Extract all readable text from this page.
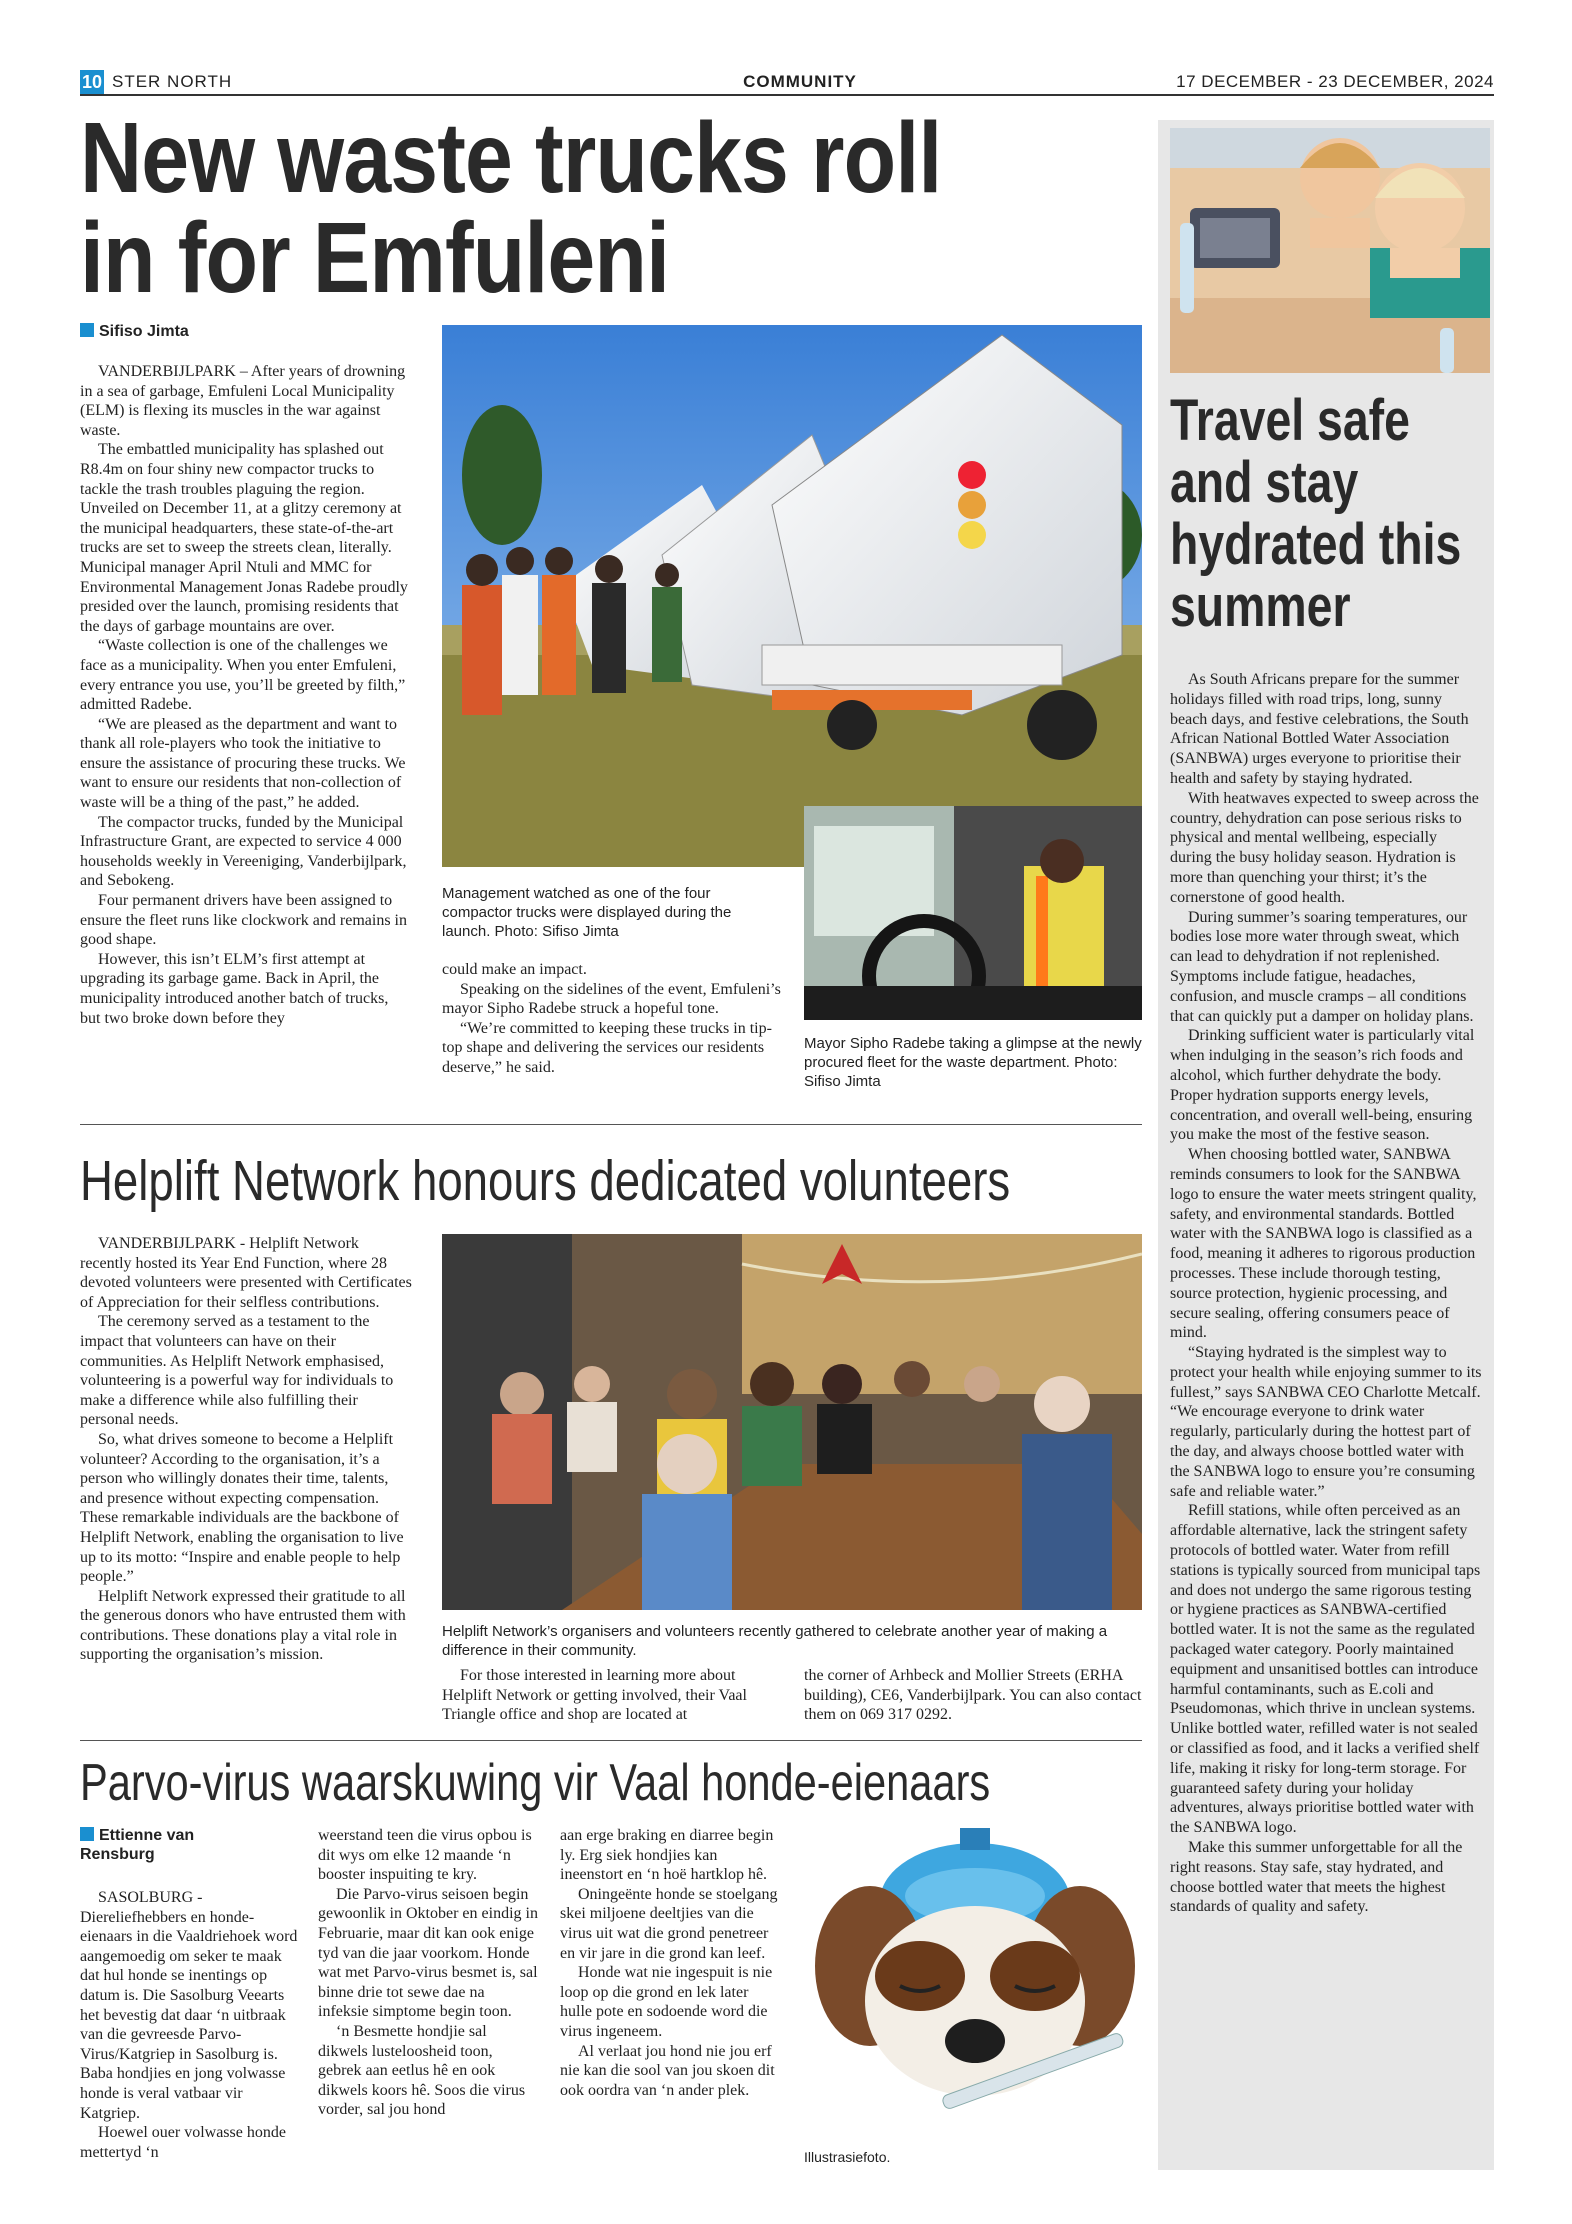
10 STER NORTH	COMMUNITY	17 DECEMBER - 23 DECEMBER, 2024
New waste trucks roll
in for Emfuleni
Sifiso Jimta

VANDERBIJLPARK – After years of drowning in a sea of garbage, Emfuleni Local Municipality (ELM) is flexing its muscles in the war against waste.

The embattled municipality has splashed out R8.4m on four shiny new compactor trucks to tackle the trash troubles plaguing the region. Unveiled on December 11, at a glitzy ceremony at the municipal headquarters, these state-of-the-art trucks are set to sweep the streets clean, literally. Municipal manager April Ntuli and MMC for Environmental Management Jonas Radebe proudly presided over the launch, promising residents that the days of garbage mountains are over.

“Waste collection is one of the challenges we face as a municipality. When you enter Emfuleni, every entrance you use, you’ll be greeted by filth,” admitted Radebe.

“We are pleased as the department and want to thank all role-players who took the initiative to ensure the assistance of procuring these trucks. We want to ensure our residents that non-collection of waste will be a thing of the past,” he added.

The compactor trucks, funded by the Municipal Infrastructure Grant, are expected to service 4 000 households weekly in Vereeniging, Vanderbijlpark, and Sebokeng.

Four permanent drivers have been assigned to ensure the fleet runs like clockwork and remains in good shape.

However, this isn’t ELM’s first attempt at upgrading its garbage game. Back in April, the municipality introduced another batch of trucks, but two broke down before they

Management watched as one of the four compactor trucks were displayed during the launch. Photo: Sifiso Jimta

could make an impact.

Speaking on the sidelines of the event, Emfuleni’s mayor Sipho Radebe struck a hopeful tone.

“We’re committed to keeping these trucks in tip-top shape and delivering the services our residents deserve,” he said.

Mayor Sipho Radebe taking a glimpse at the newly procured fleet for the waste department. Photo: Sifiso Jimta
Helplift Network honours dedicated volunteers

VANDERBIJLPARK - Helplift Network recently hosted its Year End Function, where 28 devoted volunteers were presented with Certificates of Appreciation for their selfless contributions.

The ceremony served as a testament to the impact that volunteers can have on their communities. As Helplift Network emphasised, volunteering is a powerful way for individuals to make a difference while also fulfilling their personal needs.

So, what drives someone to become a Helplift volunteer? According to the organisation, it’s a person who willingly donates their time, talents, and presence without expecting compensation. These remarkable individuals are the backbone of Helplift Network, enabling the organisation to live up to its motto: “Inspire and enable people to help people.”

Helplift Network expressed their gratitude to all the generous donors who have entrusted them with contributions. These donations play a vital role in supporting the organisation’s mission.

Helplift Network’s organisers and volunteers recently gathered to celebrate another year of making a difference in their community.

For those interested in learning more about Helplift Network or getting involved, their Vaal Triangle office and shop are located at

the corner of Arhbeck and Mollier Streets (ERHA building), CE6, Vanderbijlpark. You can also contact them on 069 317 0292.

Parvo-virus waarskuwing vir Vaal honde-eienaars
Ettienne van Rensburg

SASOLBURG - Diereliefhebbers en honde-eienaars in die Vaaldriehoek word aangemoedig om seker te maak dat hul honde se inentings op datum is. Die Sasolburg Veearts het bevestig dat daar ‘n uitbraak van die gevreesde Parvo-Virus/Katgriep in Sasolburg is. Baba hondjies en jong volwasse honde is veral vatbaar vir Katgriep.

Hoewel ouer volwasse honde mettertyd ‘n

weerstand teen die virus opbou is dit wys om elke 12 maande ‘n booster inspuiting te kry.

Die Parvo-virus seisoen begin gewoonlik in Oktober en eindig in Februarie, maar dit kan ook enige tyd van die jaar voorkom. Honde wat met Parvo-virus besmet is, sal binne drie tot sewe dae na infeksie simptome begin toon.

‘n Besmette hondjie sal dikwels lusteloosheid toon, gebrek aan eetlus hê en ook dikwels koors hê. Soos die virus vorder, sal jou hond

aan erge braking en diarree begin ly. Erg siek hondjies kan ineenstort en ‘n hoë hartklop hê.

Oningeënte honde se stoelgang skei miljoene deeltjies van die virus uit wat die grond penetreer en vir jare in die grond kan leef.

Honde wat nie ingespuit is nie loop op die grond en lek later hulle pote en sodoende word die virus ingeneem.

Al verlaat jou hond nie jou erf nie kan die sool van jou skoen dit ook oordra van ‘n ander plek.

Illustrasiefoto.
Travel safe
and stay
hydrated this
summer

As South Africans prepare for the summer holidays filled with road trips, long, sunny beach days, and festive celebrations, the South African National Bottled Water Association (SANBWA) urges everyone to prioritise their health and safety by staying hydrated.

With heatwaves expected to sweep across the country, dehydration can pose serious risks to physical and mental wellbeing, especially during the busy holiday season. Hydration is more than quenching your thirst; it’s the cornerstone of good health.

During summer’s soaring temperatures, our bodies lose more water through sweat, which can lead to dehydration if not replenished. Symptoms include fatigue, headaches, confusion, and muscle cramps – all conditions that can quickly put a damper on holiday plans.

Drinking sufficient water is particularly vital when indulging in the season’s rich foods and alcohol, which further dehydrate the body. Proper hydration supports energy levels, concentration, and overall well-being, ensuring you make the most of the festive season.

When choosing bottled water, SANBWA reminds consumers to look for the SANBWA logo to ensure the water meets stringent quality, safety, and environmental standards. Bottled water with the SANBWA logo is classified as a food, meaning it adheres to rigorous production processes. These include thorough testing, source protection, hygienic processing, and secure sealing, offering consumers peace of mind.

“Staying hydrated is the simplest way to protect your health while enjoying summer to its fullest,” says SANBWA CEO Charlotte Metcalf. “We encourage everyone to drink water regularly, particularly during the hottest part of the day, and always choose bottled water with the SANBWA logo to ensure you’re consuming safe and reliable water.”

Refill stations, while often perceived as an affordable alternative, lack the stringent safety protocols of bottled water. Water from refill stations is typically sourced from municipal taps and does not undergo the same rigorous testing or hygiene practices as SANBWA-certified bottled water. It is not the same as the regulated packaged water category. Poorly maintained equipment and unsanitised bottles can introduce harmful contaminants, such as E.coli and Pseudomonas, which thrive in unclean systems. Unlike bottled water, refilled water is not sealed or classified as food, and it lacks a verified shelf life, making it risky for long-term storage. For guaranteed safety during your holiday adventures, always prioritise bottled water with the SANBWA logo.

Make this summer unforgettable for all the right reasons. Stay safe, stay hydrated, and choose bottled water that meets the highest standards of quality and safety.
